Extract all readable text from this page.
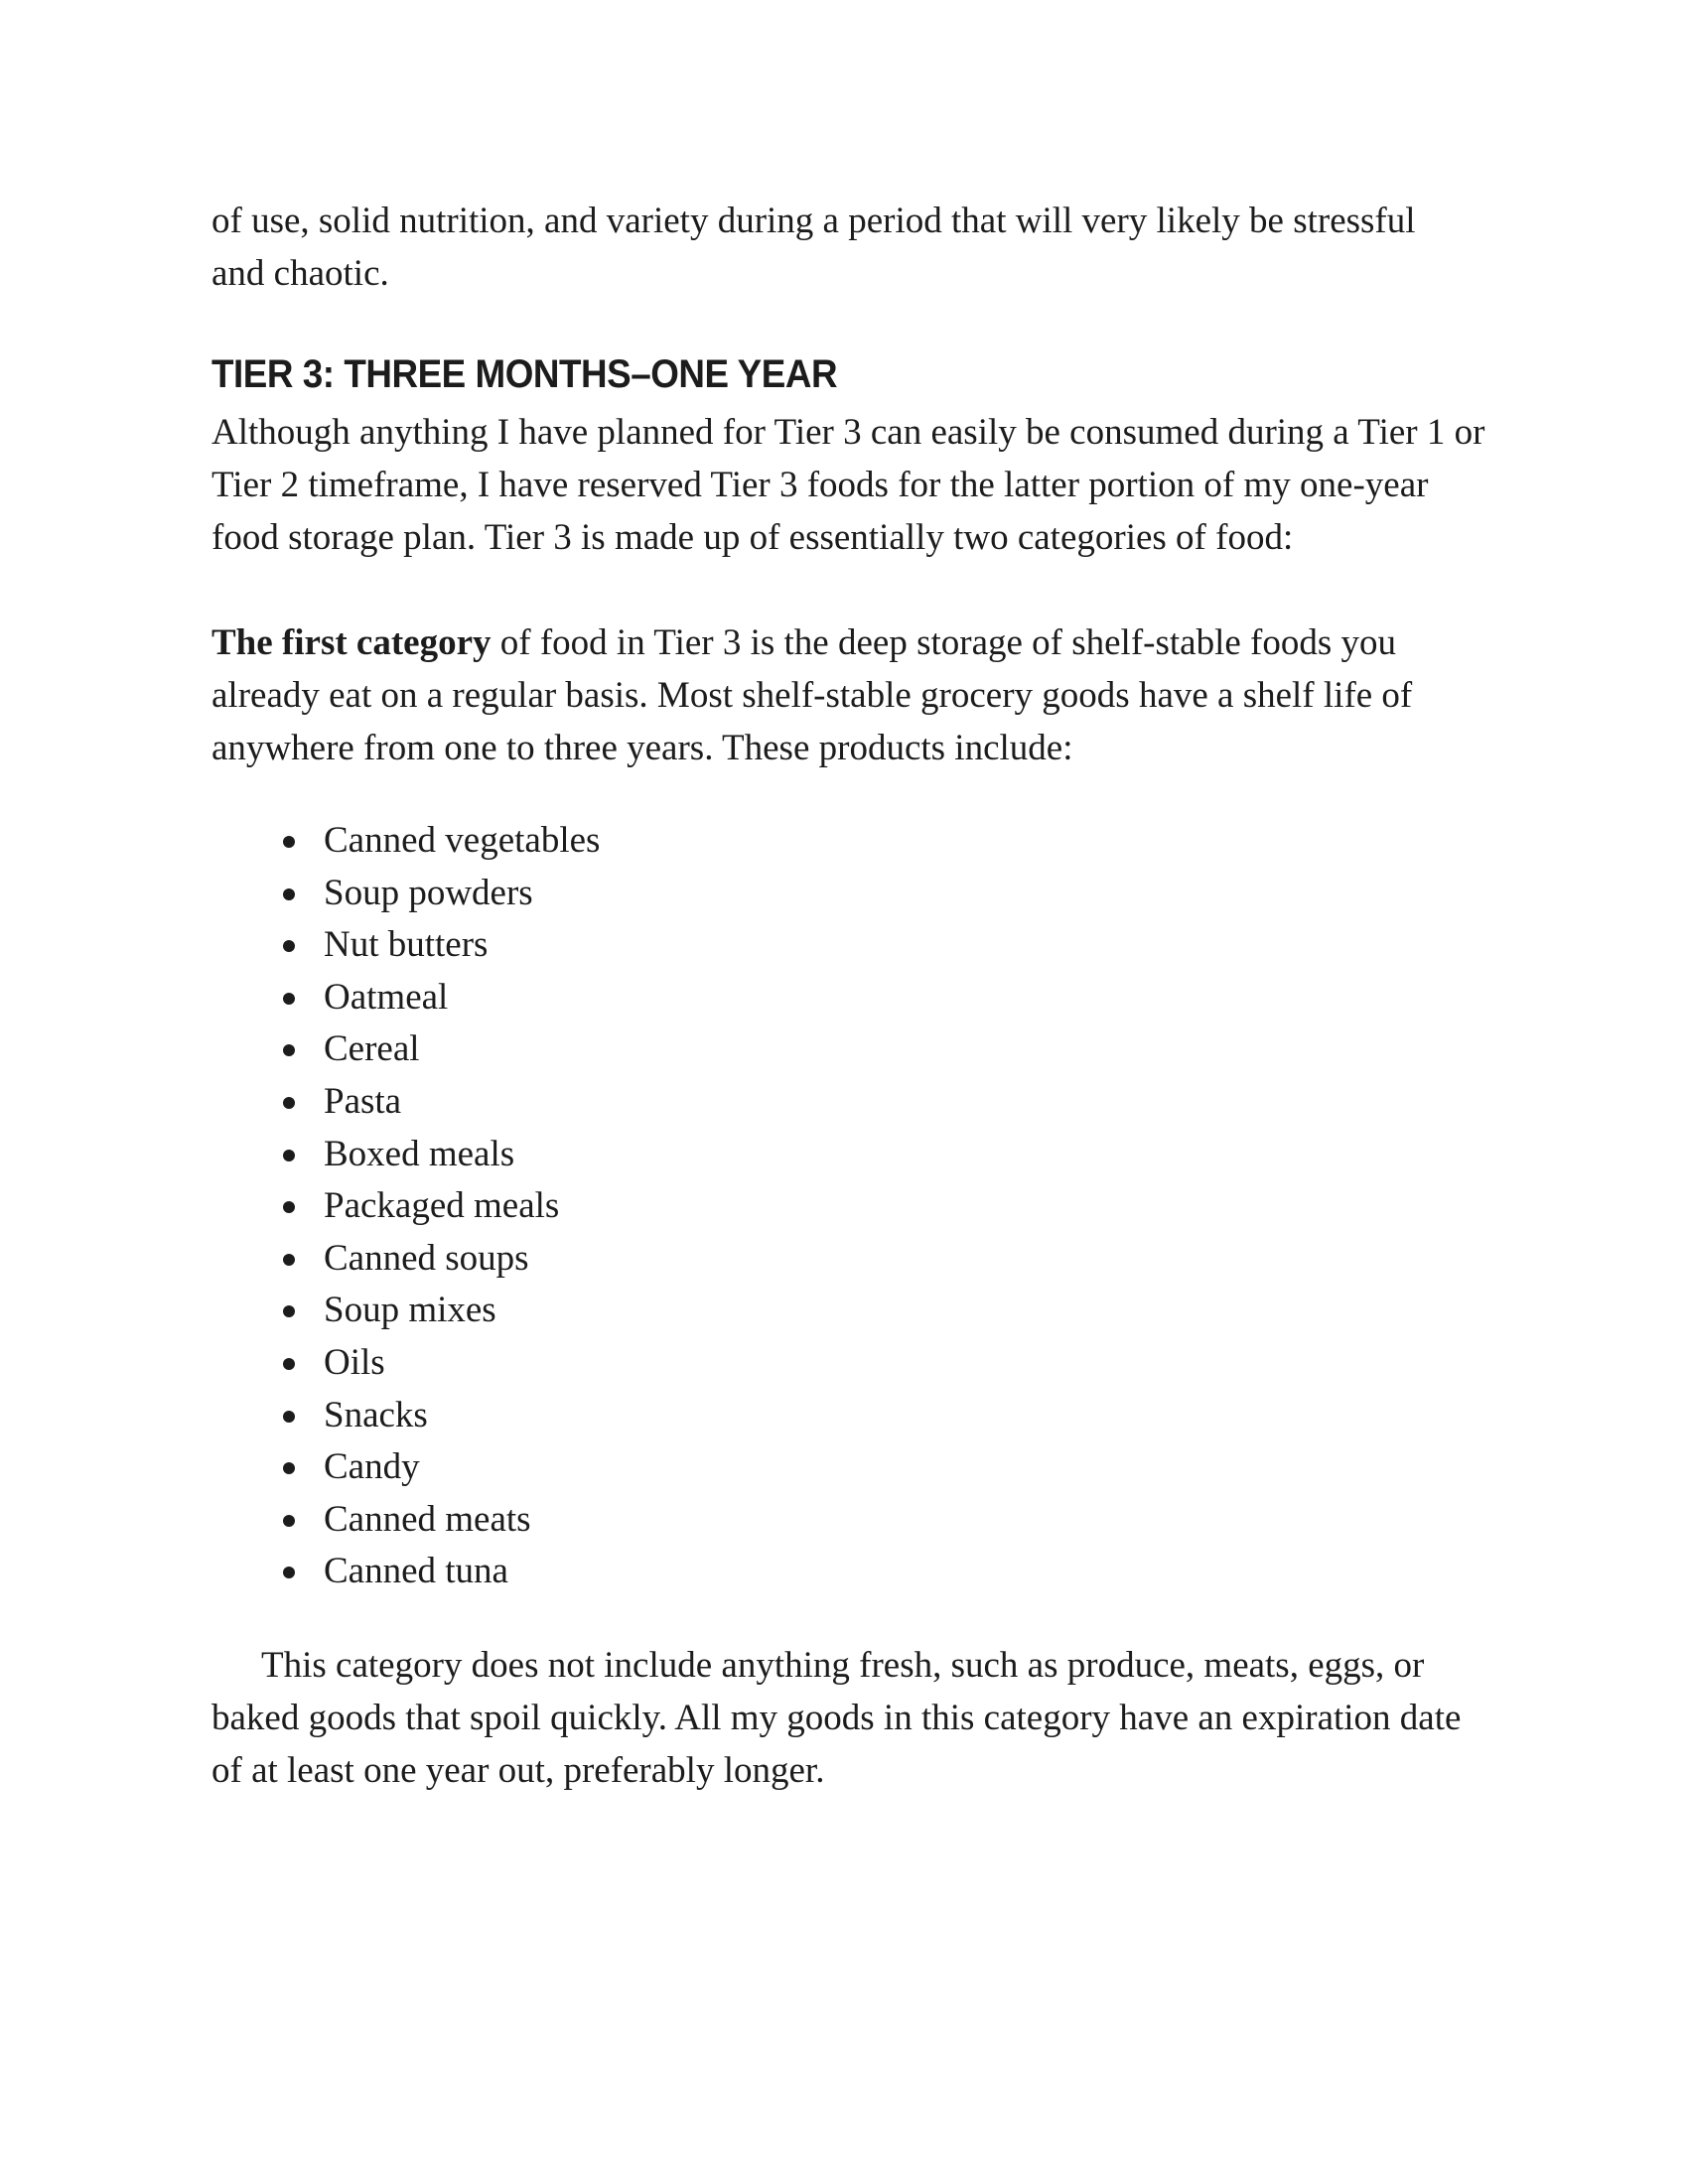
of use, solid nutrition, and variety during a period that will very likely be stressful and chaotic.

TIER 3: THREE MONTHS–ONE YEAR

Although anything I have planned for Tier 3 can easily be consumed during a Tier 1 or Tier 2 timeframe, I have reserved Tier 3 foods for the latter portion of my one-year food storage plan. Tier 3 is made up of essentially two categories of food:

The first category of food in Tier 3 is the deep storage of shelf-stable foods you already eat on a regular basis. Most shelf-stable grocery goods have a shelf life of anywhere from one to three years. These products include:

Canned vegetables
Soup powders
Nut butters
Oatmeal
Cereal
Pasta
Boxed meals
Packaged meals
Canned soups
Soup mixes
Oils
Snacks
Candy
Canned meats
Canned tuna

This category does not include anything fresh, such as produce, meats, eggs, or baked goods that spoil quickly. All my goods in this category have an expiration date of at least one year out, preferably longer.
